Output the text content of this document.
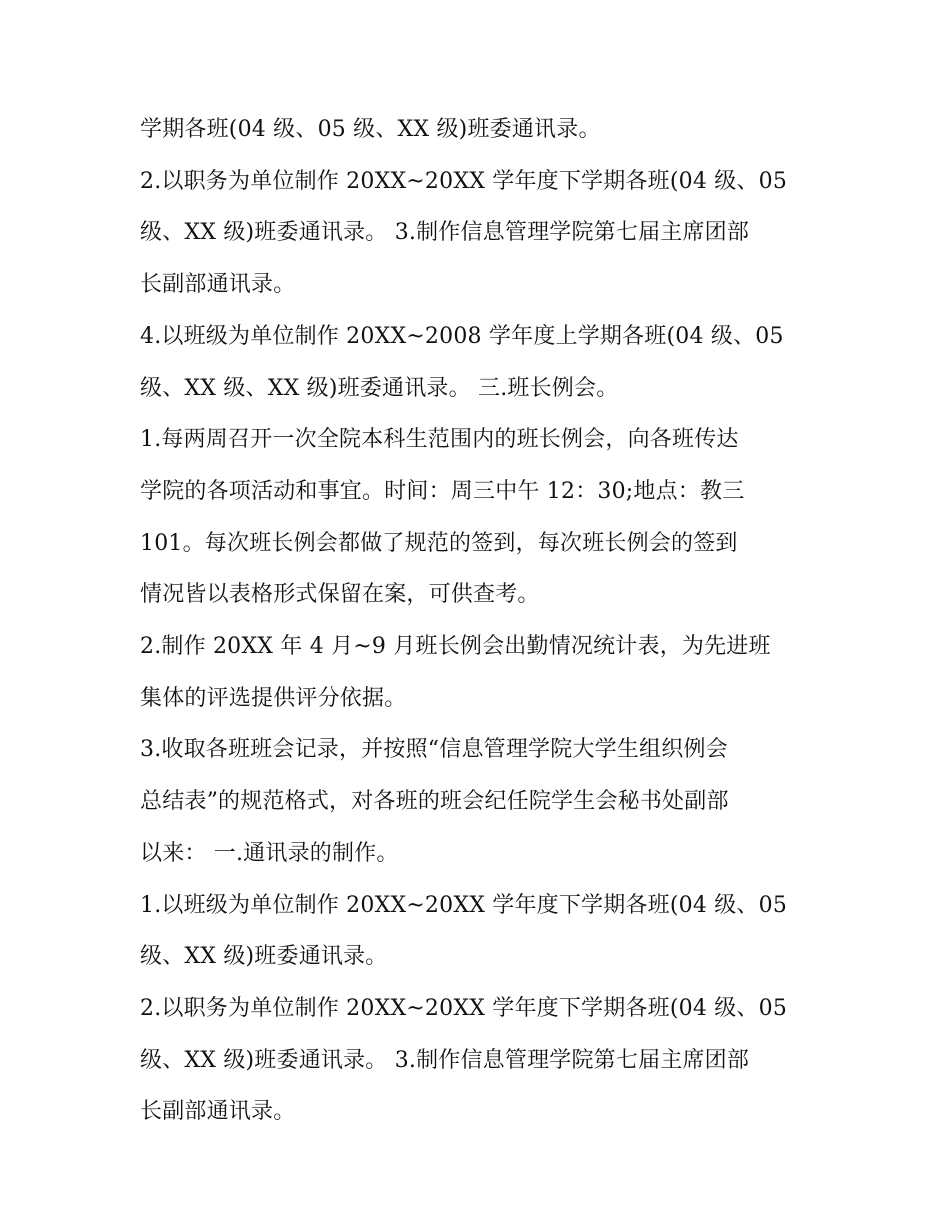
学期各班(04 级、05 级、XX 级)班委通讯录。
2.以职务为单位制作 20XX~20XX 学年度下学期各班(04 级、05
级、XX 级)班委通讯录。 3.制作信息管理学院第七届主席团部
长副部通讯录。
4.以班级为单位制作 20XX~2008 学年度上学期各班(04 级、05
级、XX 级、XX 级)班委通讯录。 三.班长例会。
1.每两周召开一次全院本科生范围内的班长例会，向各班传达
学院的各项活动和事宜。时间：周三中午 12：30;地点：教三
101。每次班长例会都做了规范的签到，每次班长例会的签到
情况皆以表格形式保留在案，可供查考。
2.制作 20XX 年 4 月~9 月班长例会出勤情况统计表，为先进班
集体的评选提供评分依据。
3.收取各班班会记录，并按照“信息管理学院大学生组织例会
总结表”的规范格式，对各班的班会纪任院学生会秘书处副部
以来： 一.通讯录的制作。
1.以班级为单位制作 20XX~20XX 学年度下学期各班(04 级、05
级、XX 级)班委通讯录。
2.以职务为单位制作 20XX~20XX 学年度下学期各班(04 级、05
级、XX 级)班委通讯录。 3.制作信息管理学院第七届主席团部
长副部通讯录。
